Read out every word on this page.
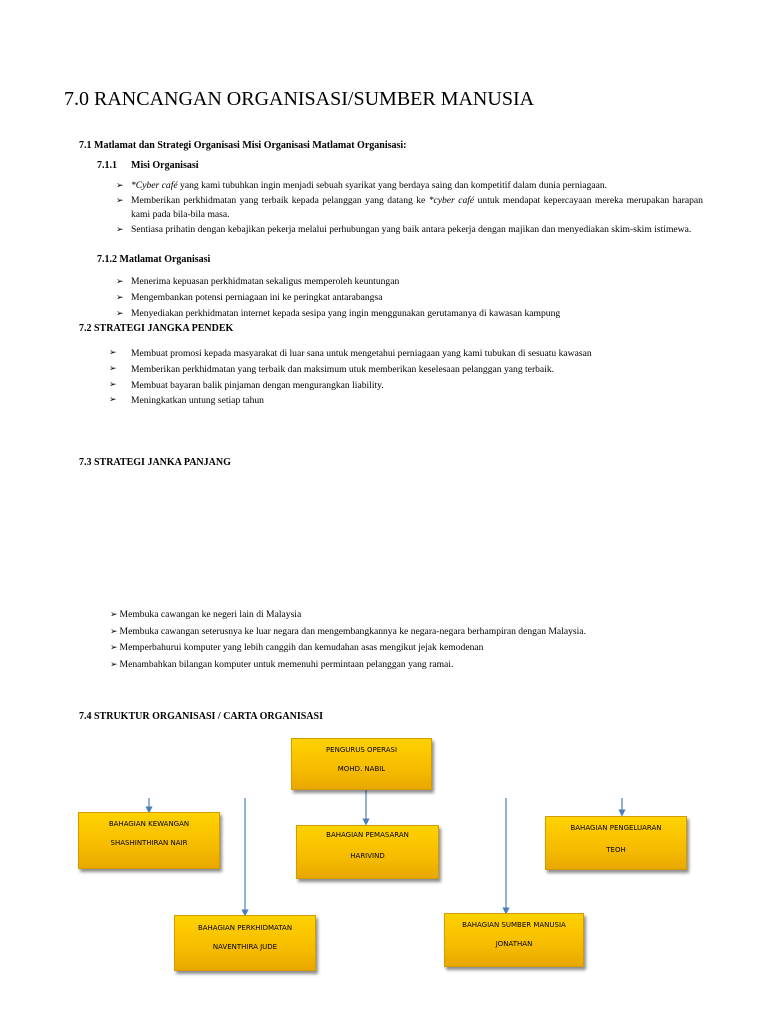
7.0 RANCANGAN ORGANISASI/SUMBER MANUSIA
7.1 Matlamat dan Strategi Organisasi Misi Organisasi Matlamat Organisasi:
7.1.1 Misi Organisasi
➢ *Cyber café yang kami tubuhkan ingin menjadi sebuah syarikat yang berdaya saing dan kompetitif dalam dunia perniagaan.
➢ Memberikan perkhidmatan yang terbaik kepada pelanggan yang datang ke *cyber café untuk mendapat kepercayaan mereka merupakan harapan kami pada bila-bila masa.
➢ Sentiasa prihatin dengan kebajikan pekerja melalui perhubungan yang baik antara pekerja dengan majikan dan menyediakan skim-skim istimewa.
7.1.2 Matlamat Organisasi
➢ Menerima kepuasan perkhidmatan sekaligus memperoleh keuntungan
➢ Mengembankan potensi perniagaan ini ke peringkat antarabangsa
➢ Menyediakan perkhidmatan internet kepada sesipa yang ingin menggunakan gerutamanya di kawasan kampung
7.2 STRATEGI JANGKA PENDEK
➢ Membuat promosi kepada masyarakat di luar sana untuk mengetahui perniagaan yang kami tubukan di sesuatu kawasan
➢ Memberikan perkhidmatan yang terbaik dan maksimum utuk memberikan keselesaan pelanggan yang terbaik.
➢ Membuat bayaran balik pinjaman dengan mengurangkan liability.
➢ Meningkatkan untung setiap tahun
7.3 STRATEGI JANKA PANJANG
➢ Membuka cawangan ke negeri lain di Malaysia
➢ Membuka cawangan seterusnya ke luar negara dan mengembangkannya ke negara-negara berhampiran dengan Malaysia.
➢ Memperbahurui komputer yang lebih canggih dan kemudahan asas mengikut jejak kemodenan
➢ Menambahkan bilangan komputer untuk memenuhi permintaan pelanggan yang ramai.
7.4 STRUKTUR ORGANISASI / CARTA ORGANISASI
PENGURUS OPERASI
MOHD. NABIL
BAHAGIAN KEWANGAN
SHASHINTHIRAN NAIR
BAHAGIAN PEMASARAN
HARIVIND
BAHAGIAN PENGELUARAN
TEOH
BAHAGIAN PERKHIDMATAN
NAVENTHIRA JUDE
BAHAGIAN SUMBER MANUSIA
JONATHAN
